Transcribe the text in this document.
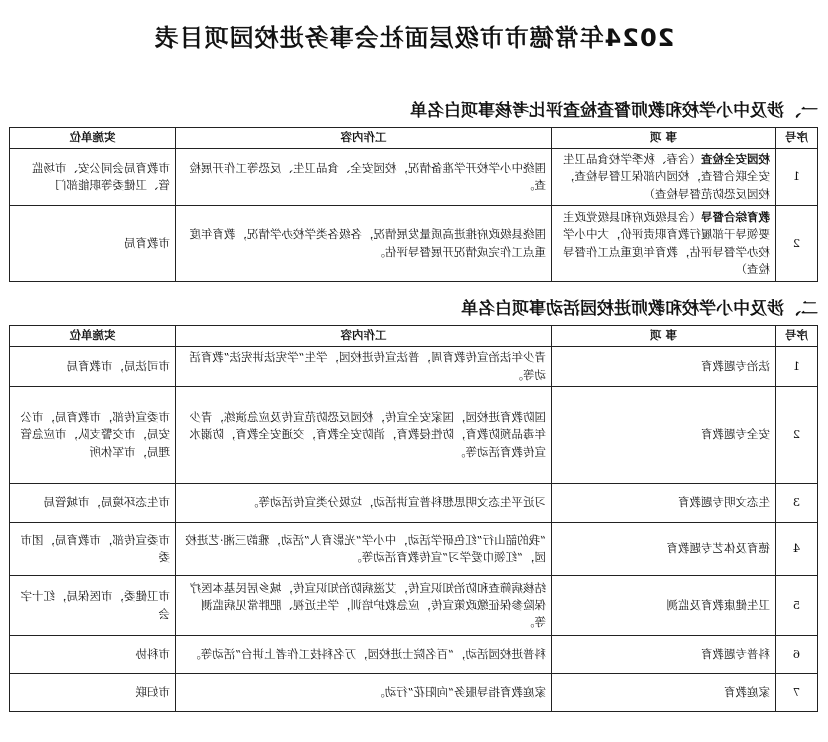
2024年常德市市级层面社会事务进校园项目表
一、涉及中小学校和教师督查检查评比考核事项白名单
序号	事 项	工作内容	实施单位
1	校园安全检查（含春、秋季学校食品卫生安全联合督查，校园内部保卫督导检查，校园反恐防范督导检查）	围绕中小学校开学准备情况，校园安全、食品卫生、反恐等工作开展检查。	市教育局会同公安、市场监管、卫健委等职能部门
2	教育综合督导（含县级政府和县级党政主要领导干部履行教育职责评价，大中小学校办学督导评估，教育年度重点工作督导检查）	围绕县级政府推进高质量发展情况，各级各类学校办学情况，教育年度重点工作完成情况开展督导评估。	市教育局
二、涉及中小学校和教师进校园活动事项白名单
序号	事 项	工作内容	实施单位
1	法治专题教育	青少年法治宣传教育周，普法宣传进校园，学生“学宪法讲宪法”教育活动等。	市司法局，市教育局
2	安全专题教育	国防教育进校园，国家安全宣传，校园反恐防范宣传及应急演练，青少年毒品预防教育，防性侵教育，消防安全教育，交通安全教育，防溺水宣传教育活动等。	市委宣传部，市教育局，市公安局，市交警支队，市应急管理局，市军休所
3	生态文明专题教育	习近平生态文明思想科普宣讲活动，垃圾分类宣传活动等。	市生态环境局，市城管局
4	德育及体艺专题教育	“我的韶山行”红色研学活动，中小学“光影育人”活动，雅韵三湘·艺进校园，“红领巾爱学习”宣传教育活动等。	市委宣传部，市教育局，团市委
5	卫生健康教育及监测	结核病筛查和防治知识宣传，艾滋病防治知识宣传，城乡居民基本医疗保险参保征缴政策宣传，应急救护培训，学生近视、肥胖常见病监测等。	市卫健委，市医保局，红十字会
6	科普专题教育	科普进校园活动，“百名院士进校园，万名科技工作者上讲台”活动等。	市科协
7	家庭教育	家庭教育指导服务“向阳花”行动。	市妇联
